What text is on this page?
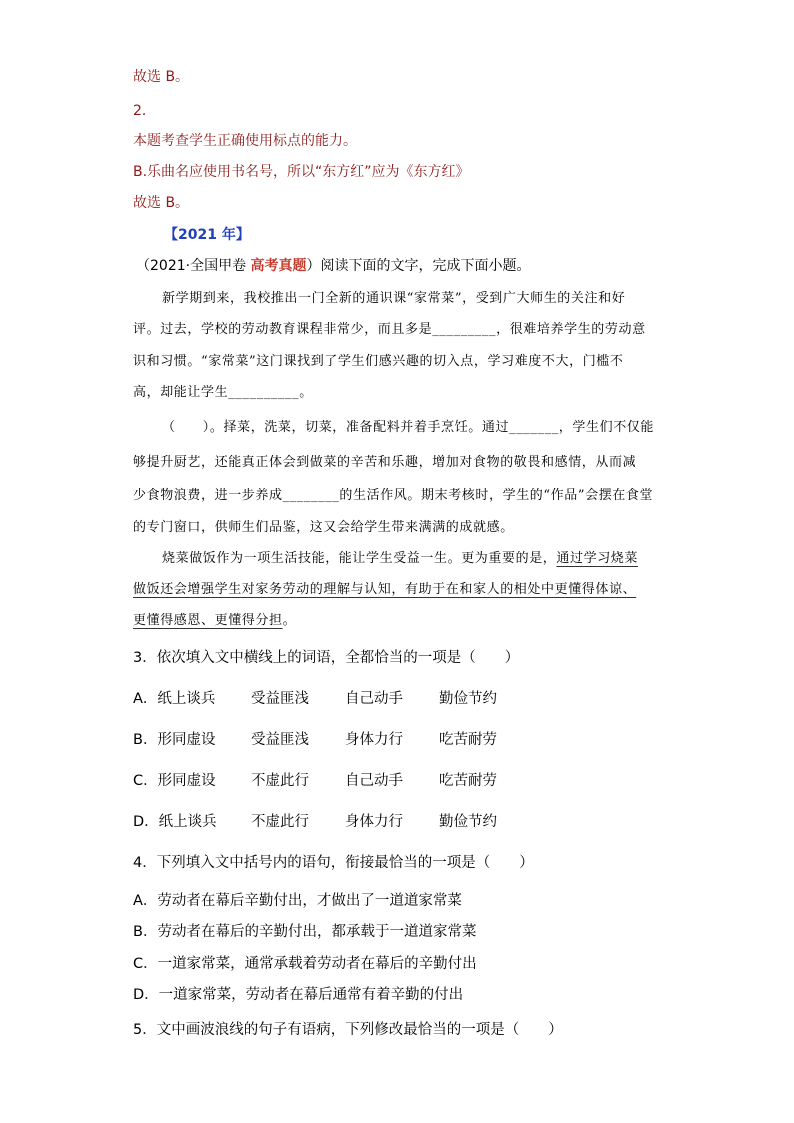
故选 B。
2．
本题考查学生正确使用标点的能力。
B.乐曲名应使用书名号，所以“东方红”应为《东方红》
故选 B。
【2021 年】
（2021·全国甲卷 高考真题）阅读下面的文字，完成下面小题。
新学期到来，我校推出一门全新的通识课“家常菜”，受到广大师生的关注和好
评。过去，学校的劳动教育课程非常少，而且多是_________，很难培养学生的劳动意
识和习惯。“家常菜”这门课找到了学生们感兴趣的切入点，学习难度不大，门槛不
高，却能让学生__________。
（　　）。择菜，洗菜，切菜，准备配料并着手烹饪。通过_______，学生们不仅能
够提升厨艺，还能真正体会到做菜的辛苦和乐趣，增加对食物的敬畏和感情，从而减
少食物浪费，进一步养成________的生活作风。期末考核时，学生的“作品”会摆在食堂
的专门窗口，供师生们品鉴，这又会给学生带来满满的成就感。
烧菜做饭作为一项生活技能，能让学生受益一生。更为重要的是，通过学习烧菜
做饭还会增强学生对家务劳动的理解与认知，有助于在和家人的相处中更懂得体谅、
更懂得感恩、更懂得分担。
3．依次填入文中横线上的词语，全都恰当的一项是（　　）
A．纸上谈兵 受益匪浅 自己动手 勤俭节约
B．形同虚设 受益匪浅 身体力行 吃苦耐劳
C．形同虚设 不虚此行 自己动手 吃苦耐劳
D．纸上谈兵 不虚此行 身体力行 勤俭节约
4．下列填入文中括号内的语句，衔接最恰当的一项是（　　）
A．劳动者在幕后辛勤付出，才做出了一道道家常菜
B．劳动者在幕后的辛勤付出，都承载于一道道家常菜
C．一道家常菜，通常承载着劳动者在幕后的辛勤付出
D．一道家常菜，劳动者在幕后通常有着辛勤的付出
5．文中画波浪线的句子有语病，下列修改最恰当的一项是（　　）
